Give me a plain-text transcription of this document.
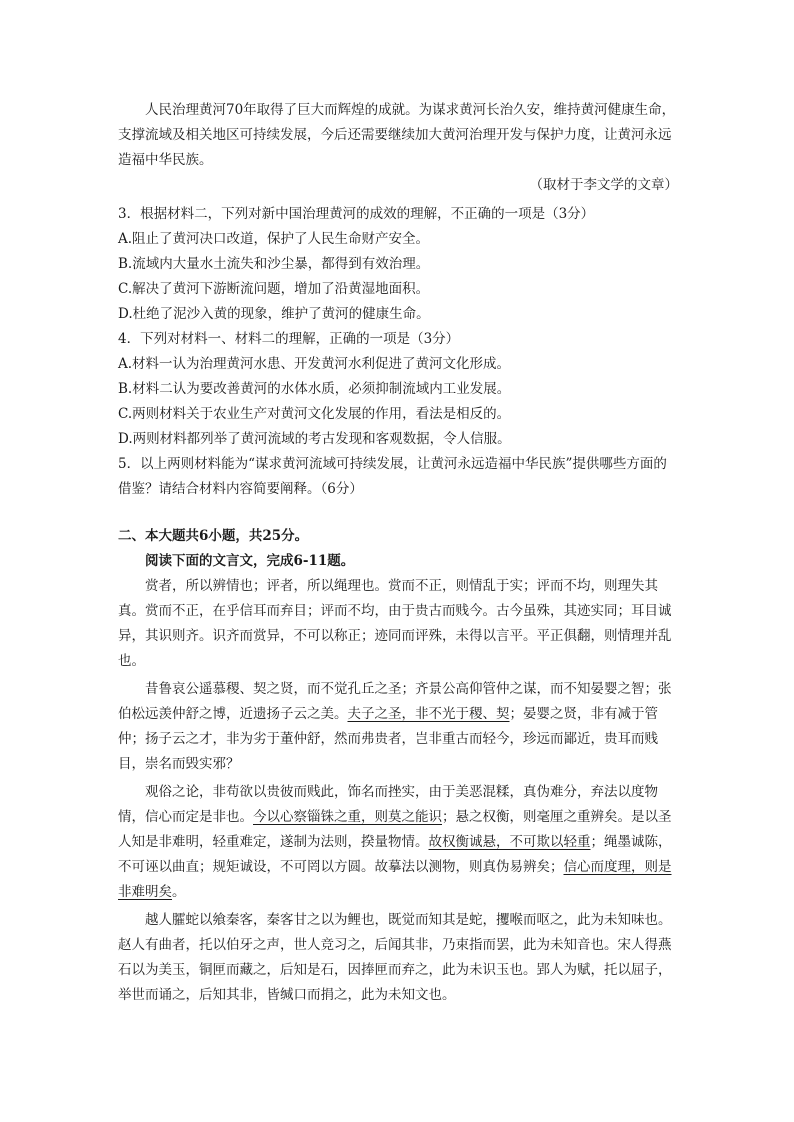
人民治理黄河70年取得了巨大而辉煌的成就。为谋求黄河长治久安，维持黄河健康生命，支撑流域及相关地区可持续发展，今后还需要继续加大黄河治理开发与保护力度，让黄河永远造福中华民族。

（取材于李文学的文章）

3．根据材料二，下列对新中国治理黄河的成效的理解，不正确的一项是（3分）

A.阻止了黄河决口改道，保护了人民生命财产安全。

B.流域内大量水土流失和沙尘暴，都得到有效治理。

C.解决了黄河下游断流问题，增加了沿黄湿地面积。

D.杜绝了泥沙入黄的现象，维护了黄河的健康生命。

4．下列对材料一、材料二的理解，正确的一项是（3分）

A.材料一认为治理黄河水患、开发黄河水利促进了黄河文化形成。

B.材料二认为要改善黄河的水体水质，必须抑制流域内工业发展。

C.两则材料关于农业生产对黄河文化发展的作用，看法是相反的。

D.两则材料都列举了黄河流域的考古发现和客观数据，令人信服。

5．以上两则材料能为“谋求黄河流域可持续发展，让黄河永远造福中华民族”提供哪些方面的借鉴？请结合材料内容简要阐释。（6分）

二、本大题共6小题，共25分。

阅读下面的文言文，完成6-11题。

赏者，所以辨情也；评者，所以绳理也。赏而不正，则情乱于实；评而不均，则理失其真。赏而不正，在乎信耳而弃目；评而不均，由于贵古而贱今。古今虽殊，其迹实同；耳目诚异，其识则齐。识齐而赏异，不可以称正；迹同而评殊，未得以言平。平正俱翻，则情理并乱也。

昔鲁哀公遥慕稷、契之贤，而不觉孔丘之圣；齐景公高仰管仲之谋，而不知晏婴之智；张伯松远羡仲舒之博，近遗扬子云之美。夫子之圣，非不光于稷、契；晏婴之贤，非有减于管仲；扬子云之才，非为劣于董仲舒，然而弗贵者，岂非重古而轻今，珍远而鄙近，贵耳而贱目，崇名而毁实邪？

观俗之论，非苟欲以贵彼而贱此，饰名而挫实，由于美恶混糅，真伪难分，弃法以度物情，信心而定是非也。今以心察锱铢之重，则莫之能识；悬之权衡，则毫厘之重辨矣。是以圣人知是非难明，轻重难定，遂制为法则，揆量物情。故权衡诚悬，不可欺以轻重；绳墨诚陈，不可诬以曲直；规矩诚设，不可罔以方圆。故摹法以测物，则真伪易辨矣；信心而度理，则是非难明矣。

越人臛蛇以飨秦客，秦客甘之以为鲤也，既觉而知其是蛇，攫喉而呕之，此为未知味也。赵人有曲者，托以伯牙之声，世人竞习之，后闻其非，乃束指而罢，此为未知音也。宋人得燕石以为美玉，铜匣而藏之，后知是石，因捧匣而弃之，此为未识玉也。郢人为赋，托以屈子，举世而诵之，后知其非，皆缄口而捐之，此为未知文也。
